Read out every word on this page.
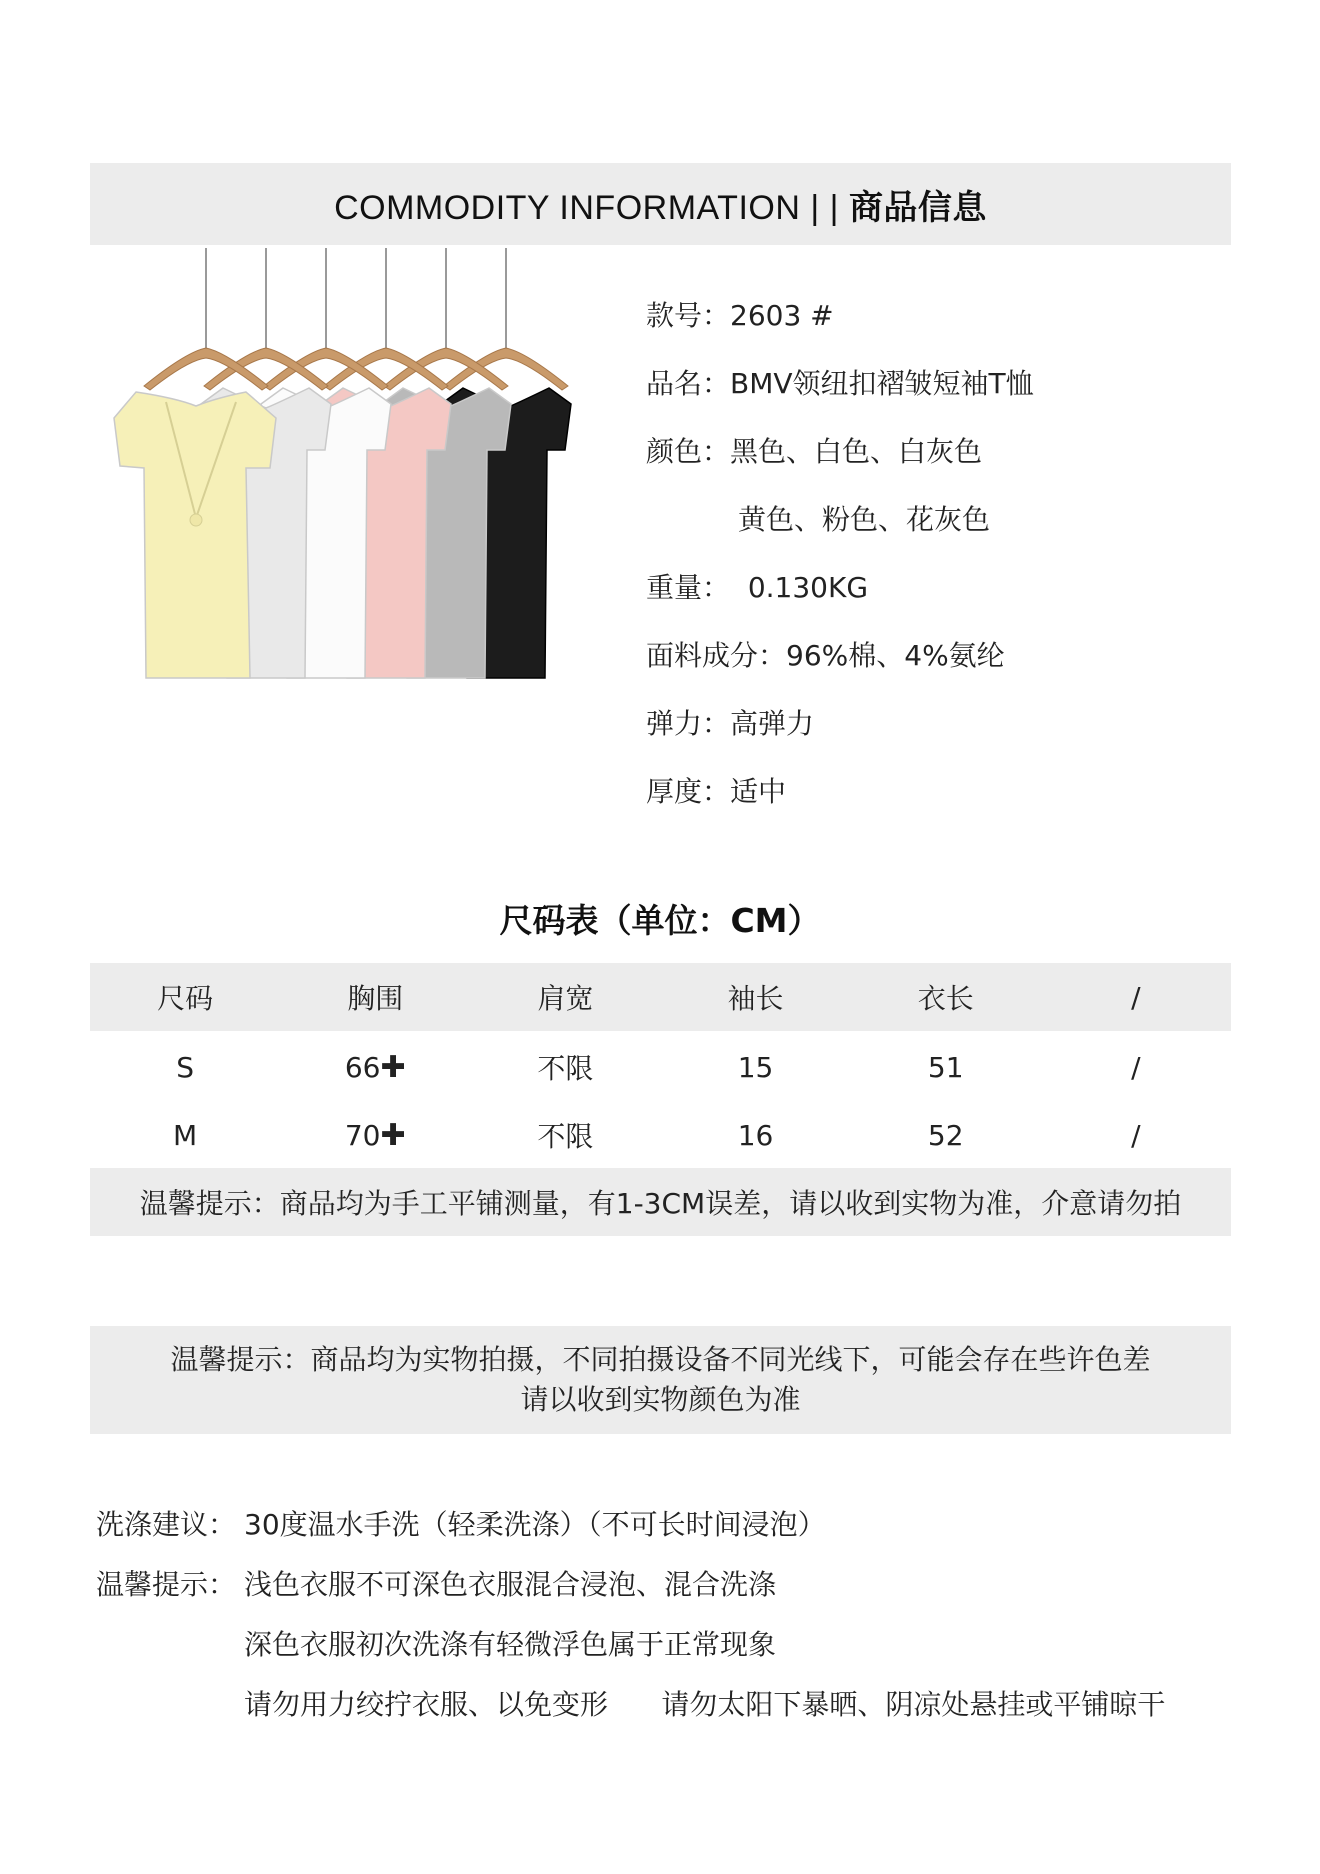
COMMODITY INFORMATION | | 商品信息
款号：2603 #
品名：BMV领纽扣褶皱短袖T恤
颜色：黑色、白色、白灰色
黄色、粉色、花灰色
重量：  0.130KG
面料成分：96%棉、4%氨纶
弹力：高弹力
厚度：适中
尺码表（单位：CM）
尺码	胸围	肩宽	袖长	衣长	/
S	66✚	不限	15	51	/
M	70✚	不限	16	52	/
温馨提示：商品均为手工平铺测量，有1-3CM误差，请以收到实物为准，介意请勿拍
温馨提示：商品均为实物拍摄，不同拍摄设备不同光线下，可能会存在些许色差
请以收到实物颜色为准
洗涤建议： 30度温水手洗（轻柔洗涤）（不可长时间浸泡）
温馨提示： 浅色衣服不可深色衣服混合浸泡、混合洗涤
深色衣服初次洗涤有轻微浮色属于正常现象
请勿用力绞拧衣服、以免变形      请勿太阳下暴晒、阴凉处悬挂或平铺晾干
